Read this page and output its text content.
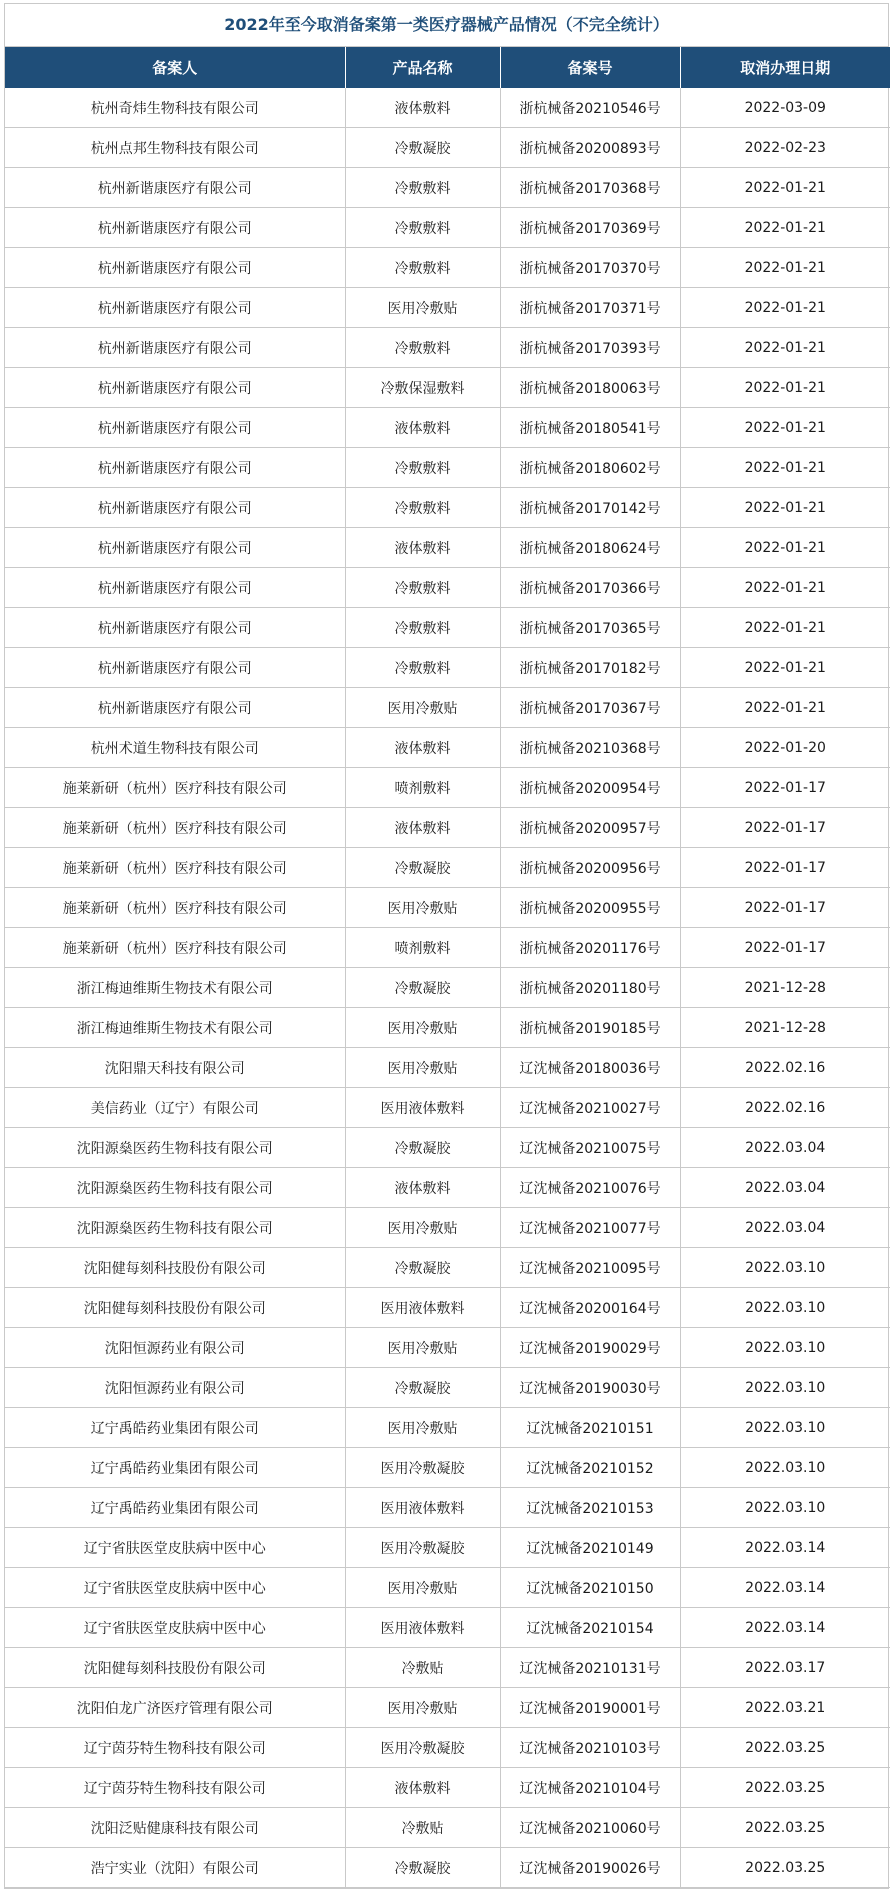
2022年至今取消备案第一类医疗器械产品情况（不完全统计）
备案人	产品名称	备案号	取消办理日期
杭州奇炜生物科技有限公司	液体敷料	浙杭械备20210546号	2022-03-09
杭州点邦生物科技有限公司	冷敷凝胶	浙杭械备20200893号	2022-02-23
杭州新谐康医疗有限公司	冷敷敷料	浙杭械备20170368号	2022-01-21
杭州新谐康医疗有限公司	冷敷敷料	浙杭械备20170369号	2022-01-21
杭州新谐康医疗有限公司	冷敷敷料	浙杭械备20170370号	2022-01-21
杭州新谐康医疗有限公司	医用冷敷贴	浙杭械备20170371号	2022-01-21
杭州新谐康医疗有限公司	冷敷敷料	浙杭械备20170393号	2022-01-21
杭州新谐康医疗有限公司	冷敷保湿敷料	浙杭械备20180063号	2022-01-21
杭州新谐康医疗有限公司	液体敷料	浙杭械备20180541号	2022-01-21
杭州新谐康医疗有限公司	冷敷敷料	浙杭械备20180602号	2022-01-21
杭州新谐康医疗有限公司	冷敷敷料	浙杭械备20170142号	2022-01-21
杭州新谐康医疗有限公司	液体敷料	浙杭械备20180624号	2022-01-21
杭州新谐康医疗有限公司	冷敷敷料	浙杭械备20170366号	2022-01-21
杭州新谐康医疗有限公司	冷敷敷料	浙杭械备20170365号	2022-01-21
杭州新谐康医疗有限公司	冷敷敷料	浙杭械备20170182号	2022-01-21
杭州新谐康医疗有限公司	医用冷敷贴	浙杭械备20170367号	2022-01-21
杭州术道生物科技有限公司	液体敷料	浙杭械备20210368号	2022-01-20
施莱新研（杭州）医疗科技有限公司	喷剂敷料	浙杭械备20200954号	2022-01-17
施莱新研（杭州）医疗科技有限公司	液体敷料	浙杭械备20200957号	2022-01-17
施莱新研（杭州）医疗科技有限公司	冷敷凝胶	浙杭械备20200956号	2022-01-17
施莱新研（杭州）医疗科技有限公司	医用冷敷贴	浙杭械备20200955号	2022-01-17
施莱新研（杭州）医疗科技有限公司	喷剂敷料	浙杭械备20201176号	2022-01-17
浙江梅迪维斯生物技术有限公司	冷敷凝胶	浙杭械备20201180号	2021-12-28
浙江梅迪维斯生物技术有限公司	医用冷敷贴	浙杭械备20190185号	2021-12-28
沈阳鼎天科技有限公司	医用冷敷贴	辽沈械备20180036号	2022.02.16
美信药业（辽宁）有限公司	医用液体敷料	辽沈械备20210027号	2022.02.16
沈阳源燊医药生物科技有限公司	冷敷凝胶	辽沈械备20210075号	2022.03.04
沈阳源燊医药生物科技有限公司	液体敷料	辽沈械备20210076号	2022.03.04
沈阳源燊医药生物科技有限公司	医用冷敷贴	辽沈械备20210077号	2022.03.04
沈阳健每刻科技股份有限公司	冷敷凝胶	辽沈械备20210095号	2022.03.10
沈阳健每刻科技股份有限公司	医用液体敷料	辽沈械备20200164号	2022.03.10
沈阳恒源药业有限公司	医用冷敷贴	辽沈械备20190029号	2022.03.10
沈阳恒源药业有限公司	冷敷凝胶	辽沈械备20190030号	2022.03.10
辽宁禹皓药业集团有限公司	医用冷敷贴	辽沈械备20210151	2022.03.10
辽宁禹皓药业集团有限公司	医用冷敷凝胶	辽沈械备20210152	2022.03.10
辽宁禹皓药业集团有限公司	医用液体敷料	辽沈械备20210153	2022.03.10
辽宁省肤医堂皮肤病中医中心	医用冷敷凝胶	辽沈械备20210149	2022.03.14
辽宁省肤医堂皮肤病中医中心	医用冷敷贴	辽沈械备20210150	2022.03.14
辽宁省肤医堂皮肤病中医中心	医用液体敷料	辽沈械备20210154	2022.03.14
沈阳健每刻科技股份有限公司	冷敷贴	辽沈械备20210131号	2022.03.17
沈阳伯龙广济医疗管理有限公司	医用冷敷贴	辽沈械备20190001号	2022.03.21
辽宁茵芬特生物科技有限公司	医用冷敷凝胶	辽沈械备20210103号	2022.03.25
辽宁茵芬特生物科技有限公司	液体敷料	辽沈械备20210104号	2022.03.25
沈阳泛贴健康科技有限公司	冷敷贴	辽沈械备20210060号	2022.03.25
浩宁实业（沈阳）有限公司	冷敷凝胶	辽沈械备20190026号	2022.03.25
